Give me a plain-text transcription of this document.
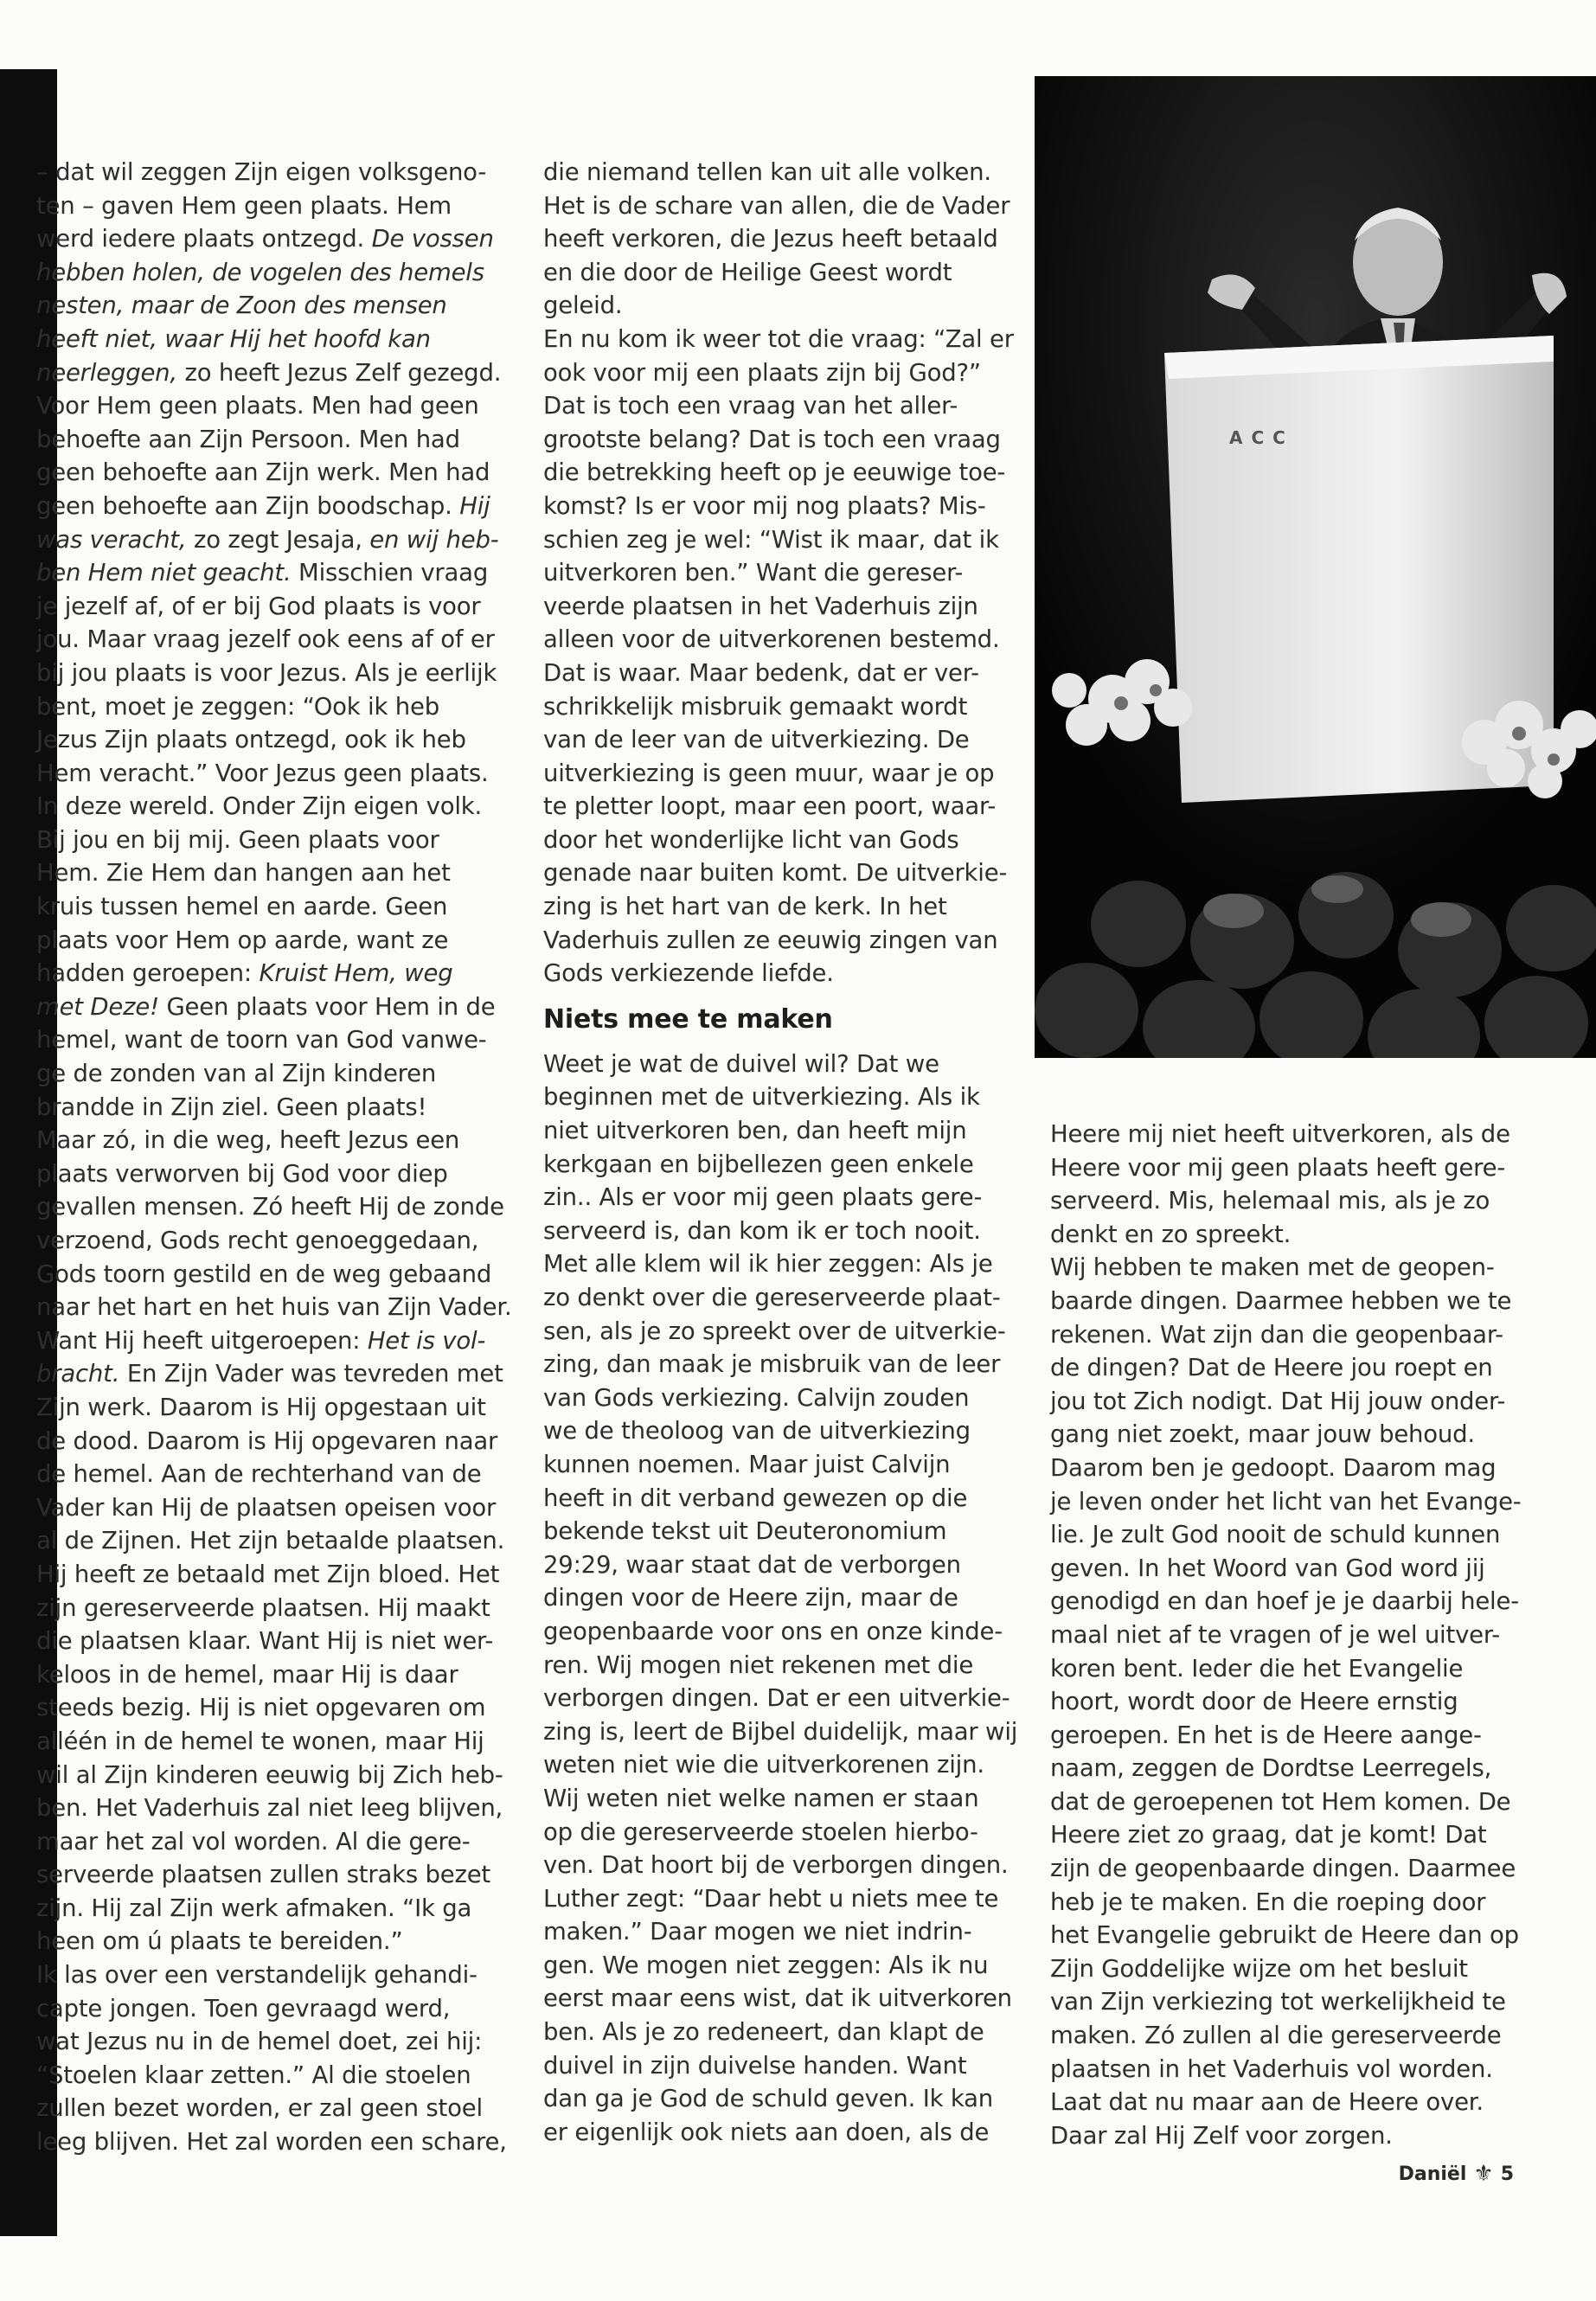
– dat wil zeggen Zijn eigen volksgeno-
ten – gaven Hem geen plaats. Hem
werd iedere plaats ontzegd. De vossen
hebben holen, de vogelen des hemels
nesten, maar de Zoon des mensen
heeft niet, waar Hij het hoofd kan
neerleggen, zo heeft Jezus Zelf gezegd.
Voor Hem geen plaats. Men had geen
behoefte aan Zijn Persoon. Men had
geen behoefte aan Zijn werk. Men had
geen behoefte aan Zijn boodschap. Hij
was veracht, zo zegt Jesaja, en wij heb-
ben Hem niet geacht. Misschien vraag
je jezelf af, of er bij God plaats is voor
jou. Maar vraag jezelf ook eens af of er
bij jou plaats is voor Jezus. Als je eerlijk
bent, moet je zeggen: “Ook ik heb
Jezus Zijn plaats ontzegd, ook ik heb
Hem veracht.” Voor Jezus geen plaats.
In deze wereld. Onder Zijn eigen volk.
Bij jou en bij mij. Geen plaats voor
Hem. Zie Hem dan hangen aan het
kruis tussen hemel en aarde. Geen
plaats voor Hem op aarde, want ze
hadden geroepen: Kruist Hem, weg
met Deze! Geen plaats voor Hem in de
hemel, want de toorn van God vanwe-
ge de zonden van al Zijn kinderen
brandde in Zijn ziel. Geen plaats!
Maar zó, in die weg, heeft Jezus een
plaats verworven bij God voor diep
gevallen mensen. Zó heeft Hij de zonde
verzoend, Gods recht genoeggedaan,
Gods toorn gestild en de weg gebaand
naar het hart en het huis van Zijn Vader.
Want Hij heeft uitgeroepen: Het is vol-
bracht. En Zijn Vader was tevreden met
Zijn werk. Daarom is Hij opgestaan uit
de dood. Daarom is Hij opgevaren naar
de hemel. Aan de rechterhand van de
Vader kan Hij de plaatsen opeisen voor
al de Zijnen. Het zijn betaalde plaatsen.
Hij heeft ze betaald met Zijn bloed. Het
zijn gereserveerde plaatsen. Hij maakt
die plaatsen klaar. Want Hij is niet wer-
keloos in de hemel, maar Hij is daar
steeds bezig. Hij is niet opgevaren om
alléén in de hemel te wonen, maar Hij
wil al Zijn kinderen eeuwig bij Zich heb-
ben. Het Vaderhuis zal niet leeg blijven,
maar het zal vol worden. Al die gere-
serveerde plaatsen zullen straks bezet
zijn. Hij zal Zijn werk afmaken. “Ik ga
heen om ú plaats te bereiden.”
Ik las over een verstandelijk gehandi-
capte jongen. Toen gevraagd werd,
wat Jezus nu in de hemel doet, zei hij:
“Stoelen klaar zetten.” Al die stoelen
zullen bezet worden, er zal geen stoel
leeg blijven. Het zal worden een schare,
die niemand tellen kan uit alle volken.
Het is de schare van allen, die de Vader
heeft verkoren, die Jezus heeft betaald
en die door de Heilige Geest wordt
geleid.
En nu kom ik weer tot die vraag: “Zal er
ook voor mij een plaats zijn bij God?”
Dat is toch een vraag van het aller-
grootste belang? Dat is toch een vraag
die betrekking heeft op je eeuwige toe-
komst? Is er voor mij nog plaats? Mis-
schien zeg je wel: “Wist ik maar, dat ik
uitverkoren ben.” Want die gereser-
veerde plaatsen in het Vaderhuis zijn
alleen voor de uitverkorenen bestemd.
Dat is waar. Maar bedenk, dat er ver-
schrikkelijk misbruik gemaakt wordt
van de leer van de uitverkiezing. De
uitverkiezing is geen muur, waar je op
te pletter loopt, maar een poort, waar-
door het wonderlijke licht van Gods
genade naar buiten komt. De uitverkie-
zing is het hart van de kerk. In het
Vaderhuis zullen ze eeuwig zingen van
Gods verkiezende liefde.
Niets mee te maken
Weet je wat de duivel wil? Dat we
beginnen met de uitverkiezing. Als ik
niet uitverkoren ben, dan heeft mijn
kerkgaan en bijbellezen geen enkele
zin.. Als er voor mij geen plaats gere-
serveerd is, dan kom ik er toch nooit.
Met alle klem wil ik hier zeggen: Als je
zo denkt over die gereserveerde plaat-
sen, als je zo spreekt over de uitverkie-
zing, dan maak je misbruik van de leer
van Gods verkiezing. Calvijn zouden
we de theoloog van de uitverkiezing
kunnen noemen. Maar juist Calvijn
heeft in dit verband gewezen op die
bekende tekst uit Deuteronomium
29:29, waar staat dat de verborgen
dingen voor de Heere zijn, maar de
geopenbaarde voor ons en onze kinde-
ren. Wij mogen niet rekenen met die
verborgen dingen. Dat er een uitverkie-
zing is, leert de Bijbel duidelijk, maar wij
weten niet wie die uitverkorenen zijn.
Wij weten niet welke namen er staan
op die gereserveerde stoelen hierbo-
ven. Dat hoort bij de verborgen dingen.
Luther zegt: “Daar hebt u niets mee te
maken.” Daar mogen we niet indrin-
gen. We mogen niet zeggen: Als ik nu
eerst maar eens wist, dat ik uitverkoren
ben. Als je zo redeneert, dan klapt de
duivel in zijn duivelse handen. Want
dan ga je God de schuld geven. Ik kan
er eigenlijk ook niets aan doen, als de
ACC
Heere mij niet heeft uitverkoren, als de
Heere voor mij geen plaats heeft gere-
serveerd. Mis, helemaal mis, als je zo
denkt en zo spreekt.
Wij hebben te maken met de geopen-
baarde dingen. Daarmee hebben we te
rekenen. Wat zijn dan die geopenbaar-
de dingen? Dat de Heere jou roept en
jou tot Zich nodigt. Dat Hij jouw onder-
gang niet zoekt, maar jouw behoud.
Daarom ben je gedoopt. Daarom mag
je leven onder het licht van het Evange-
lie. Je zult God nooit de schuld kunnen
geven. In het Woord van God word jij
genodigd en dan hoef je je daarbij hele-
maal niet af te vragen of je wel uitver-
koren bent. Ieder die het Evangelie
hoort, wordt door de Heere ernstig
geroepen. En het is de Heere aange-
naam, zeggen de Dordtse Leerregels,
dat de geroepenen tot Hem komen. De
Heere ziet zo graag, dat je komt! Dat
zijn de geopenbaarde dingen. Daarmee
heb je te maken. En die roeping door
het Evangelie gebruikt de Heere dan op
Zijn Goddelijke wijze om het besluit
van Zijn verkiezing tot werkelijkheid te
maken. Zó zullen al die gereserveerde
plaatsen in het Vaderhuis vol worden.
Laat dat nu maar aan de Heere over.
Daar zal Hij Zelf voor zorgen.
Daniël ⚜ 5
